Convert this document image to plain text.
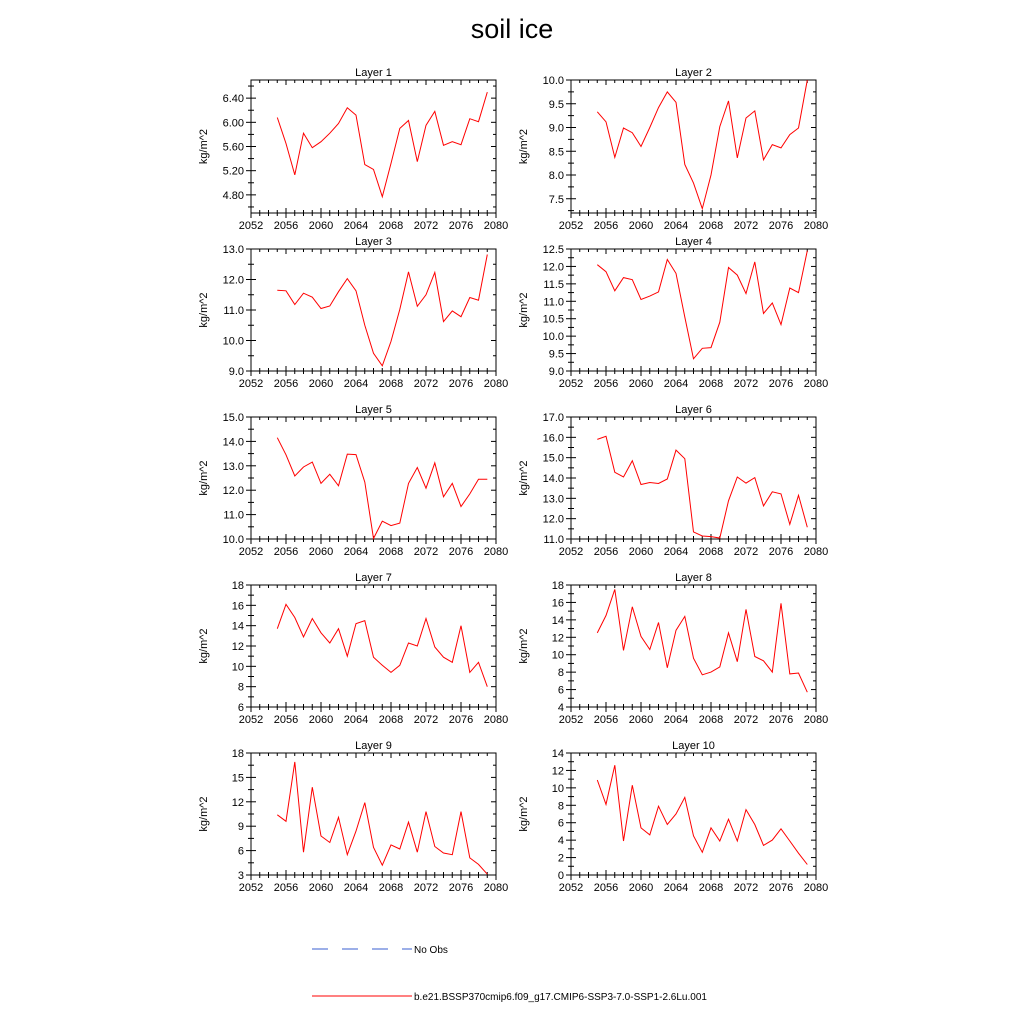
soil ice
Layer 1
2052 2056 2060 2064 2068 2072 2076 2080
4.80
5.20
5.60
6.00
6.40
kg/m^2
Layer 2
2052 2056 2060 2064 2068 2072 2076 2080
7.5
8.0
8.5
9.0
9.5
10.0
kg/m^2
Layer 3
2052 2056 2060 2064 2068 2072 2076 2080
9.0
10.0
11.0
12.0
13.0
kg/m^2
Layer 4
2052 2056 2060 2064 2068 2072 2076 2080
9.0
9.5
10.0
10.5
11.0
11.5
12.0
12.5
kg/m^2
Layer 5
2052 2056 2060 2064 2068 2072 2076 2080
10.0
11.0
12.0
13.0
14.0
15.0
kg/m^2
Layer 6
2052 2056 2060 2064 2068 2072 2076 2080
11.0
12.0
13.0
14.0
15.0
16.0
17.0
kg/m^2
Layer 7
2052 2056 2060 2064 2068 2072 2076 2080
6
8
10
12
14
16
18
kg/m^2
Layer 8
2052 2056 2060 2064 2068 2072 2076 2080
4
6
8
10
12
14
16
18
kg/m^2
Layer 9
2052 2056 2060 2064 2068 2072 2076 2080
3
6
9
12
15
18
kg/m^2
Layer 10
2052 2056 2060 2064 2068 2072 2076 2080
0
2
4
6
8
10
12
14
kg/m^2
No Obs
b.e21.BSSP370cmip6.f09_g17.CMIP6-SSP3-7.0-SSP1-2.6Lu.001
